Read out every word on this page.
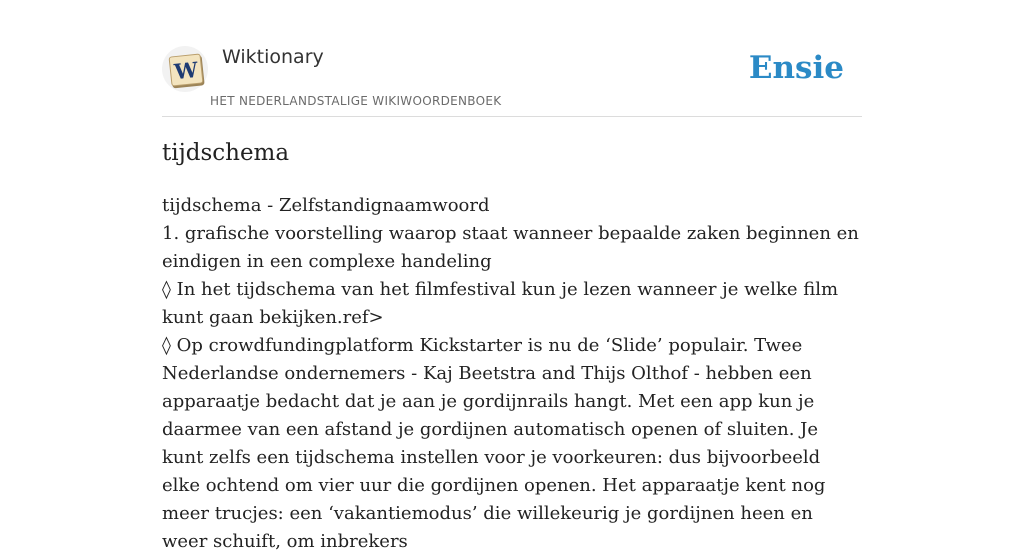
W Wiktionary
HET NEDERLANDSTALIGE WIKIWOORDENBOEK
Ensie
tijdschema

tijdschema - Zelfstandignaamwoord

1. grafische voorstelling waarop staat wanneer bepaalde zaken beginnen en eindigen in een complexe handeling

◊ In het tijdschema van het filmfestival kun je lezen wanneer je welke film kunt gaan bekijken.ref>

◊ Op crowdfundingplatform Kickstarter is nu de ‘Slide’ populair. Twee Nederlandse ondernemers - Kaj Beetstra and Thijs Olthof - hebben een apparaatje bedacht dat je aan je gordijnrails hangt. Met een app kun je daarmee van een afstand je gordijnen automatisch openen of sluiten. Je kunt zelfs een tijdschema instellen voor je voorkeuren: dus bijvoorbeeld elke ochtend om vier uur die gordijnen openen. Het apparaatje kent nog meer trucjes: een ‘vakantiemodus’ die willekeurig je gordijnen heen en weer schuift, om inbrekers
